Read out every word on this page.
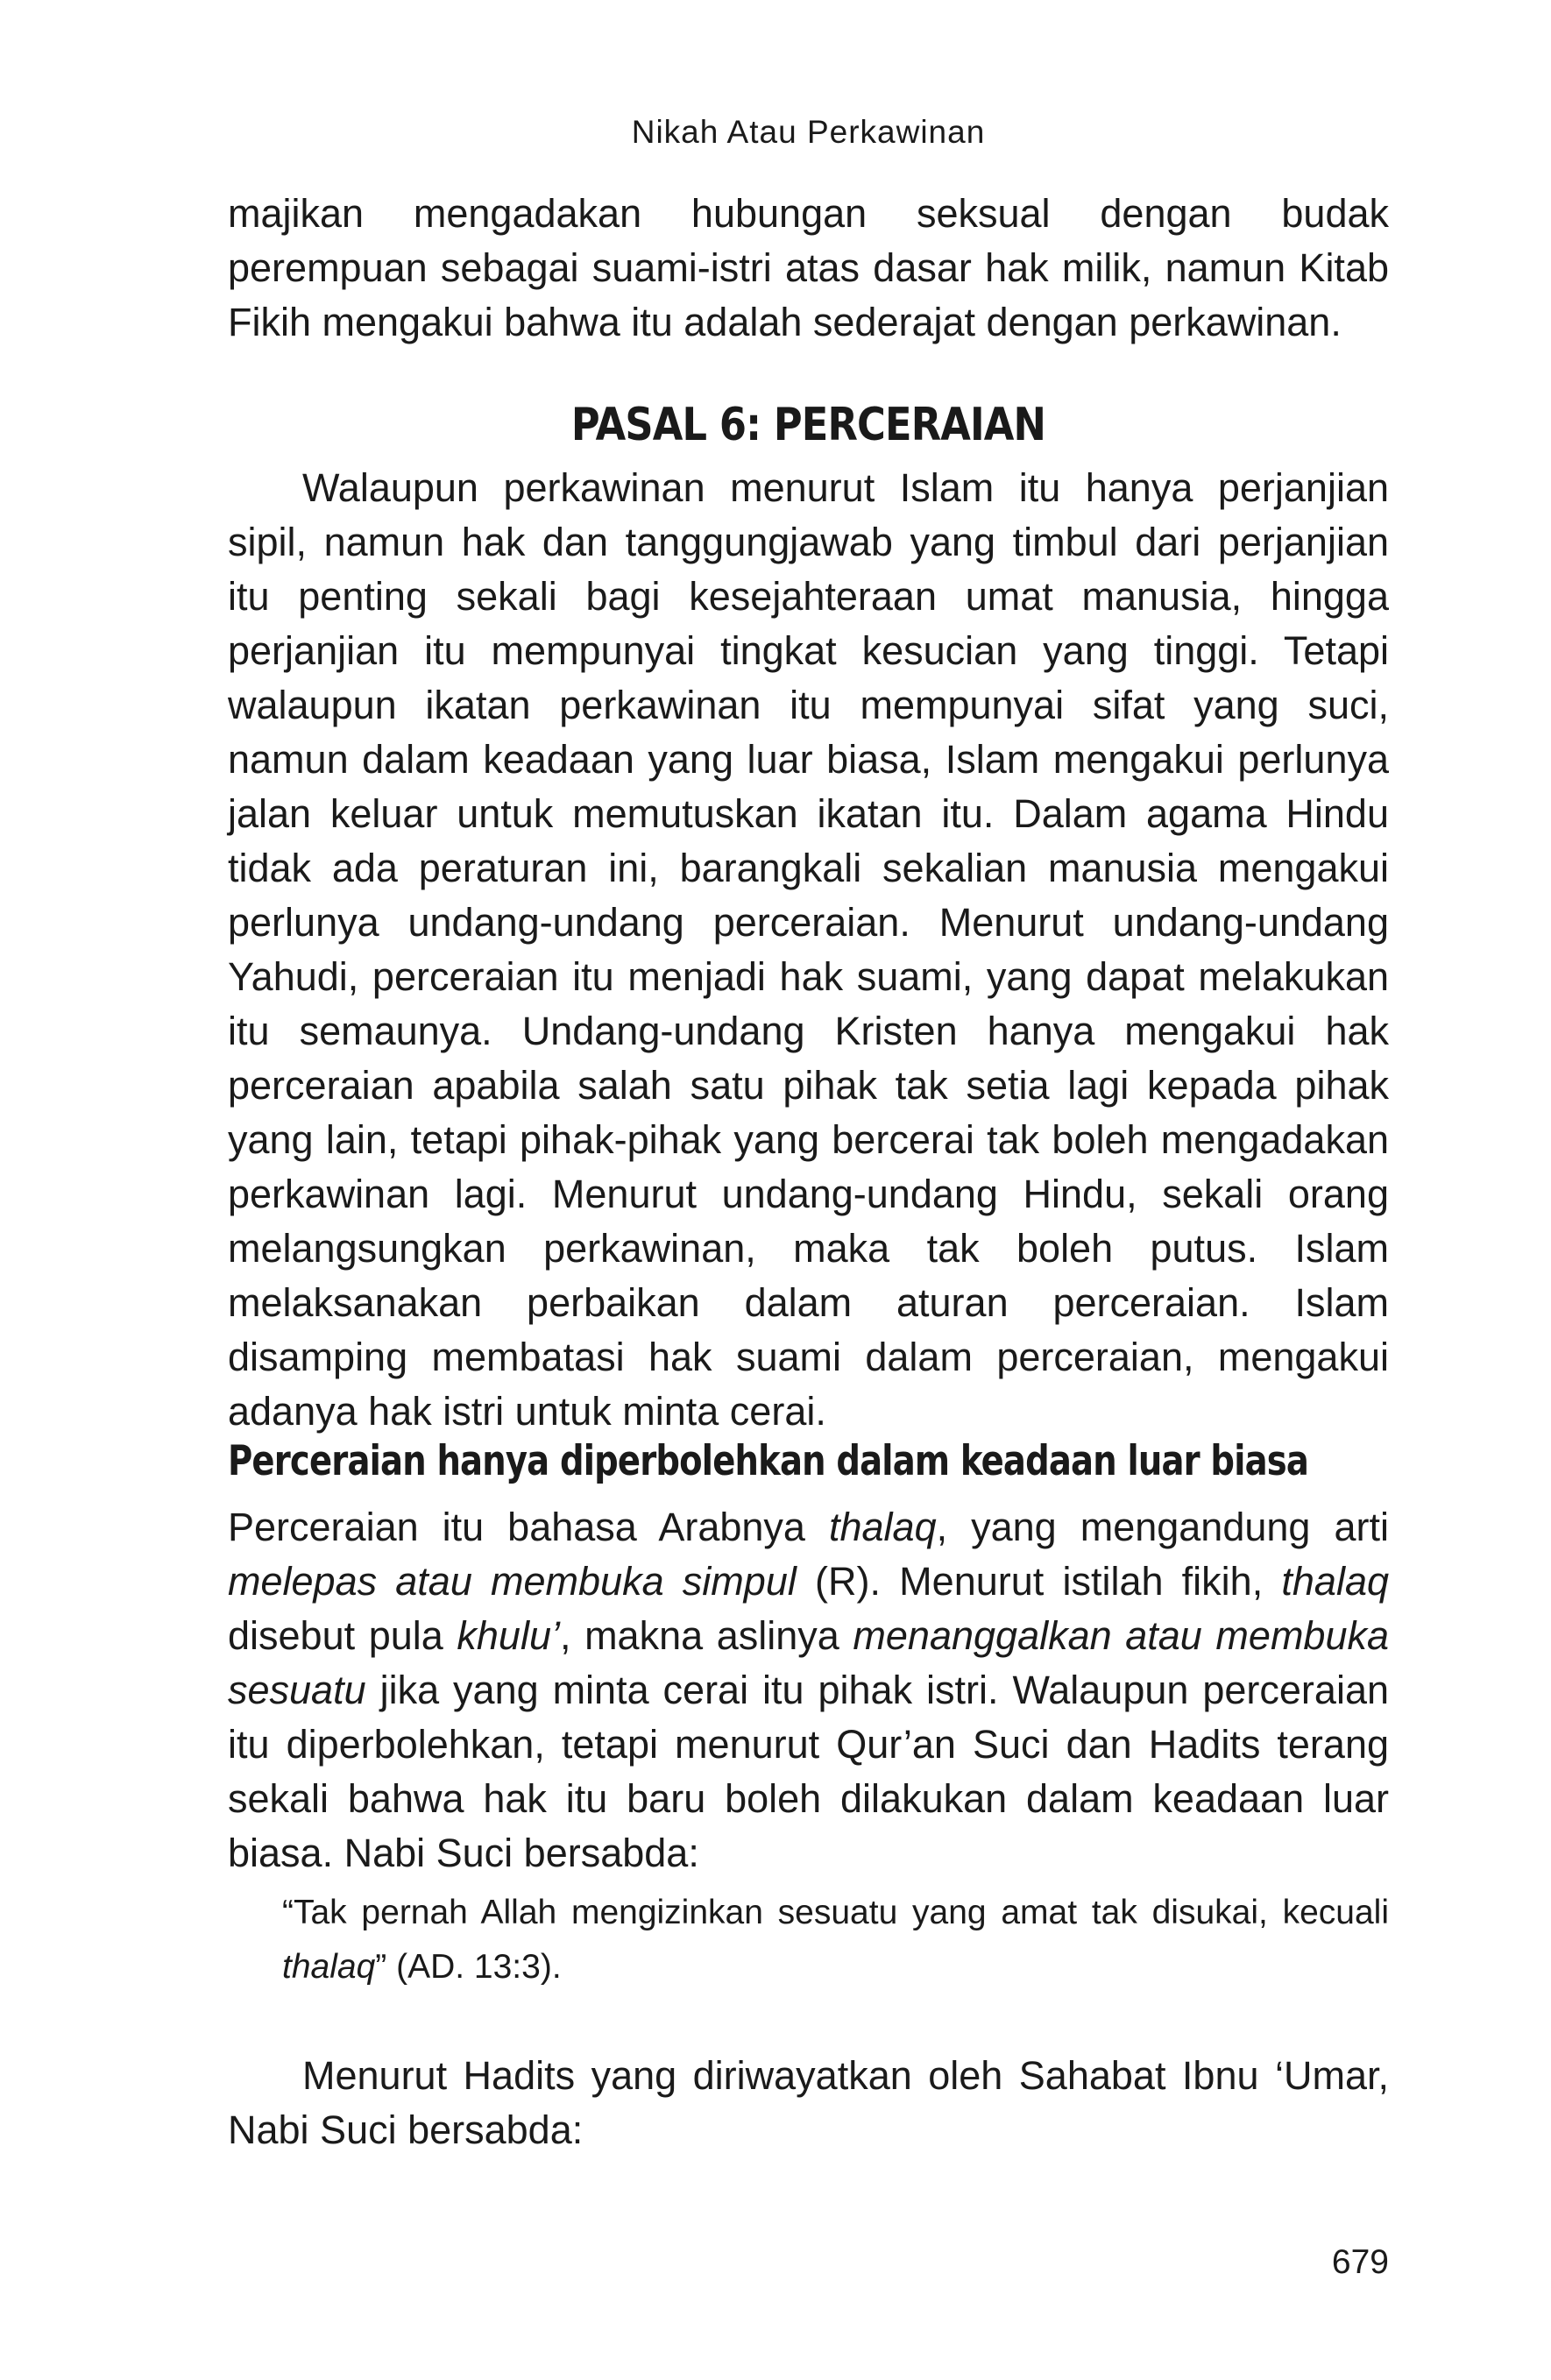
Nikah Atau Perkawinan

majikan mengadakan hubungan seksual dengan budak perempuan sebagai suami-istri atas dasar hak milik, namun Kitab Fikih mengakui bahwa itu adalah sederajat dengan perkawinan.

PASAL 6: PERCERAIAN

Walaupun perkawinan menurut Islam itu hanya perjanjian sipil, namun hak dan tanggungjawab yang timbul dari perjanjian itu penting sekali bagi kesejahteraan umat manusia, hingga perjanjian itu mempunyai tingkat kesucian yang tinggi. Tetapi walaupun ikatan perkawinan itu mempunyai sifat yang suci, namun dalam keadaan yang luar biasa, Islam mengakui perlunya jalan keluar untuk memutuskan ikatan itu. Dalam agama Hindu tidak ada peraturan ini, barangkali sekalian manusia mengakui perlunya undang-undang perceraian. Menurut undang-undang Yahudi, perceraian itu menjadi hak suami, yang dapat melakukan itu semaunya. Undang-undang Kristen hanya mengakui hak perceraian apabila salah satu pihak tak setia lagi kepada pihak yang lain, tetapi pihak-pihak yang bercerai tak boleh mengadakan perkawinan lagi. Menurut undang-undang Hindu, sekali orang melangsungkan perkawinan, maka tak boleh putus. Islam melaksanakan perbaikan dalam aturan perceraian. Islam disamping membatasi hak suami dalam perceraian, mengakui adanya hak istri untuk minta cerai.

Perceraian hanya diperbolehkan dalam keadaan luar biasa

Perceraian itu bahasa Arabnya thalaq, yang mengandung arti melepas atau membuka simpul (R). Menurut istilah fikih, thalaq disebut pula khulu’, makna aslinya menanggalkan atau membuka sesuatu jika yang minta cerai itu pihak istri. Walaupun perceraian itu diperbolehkan, tetapi menurut Qur’an Suci dan Hadits terang sekali bahwa hak itu baru boleh dilakukan dalam keadaan luar biasa. Nabi Suci bersabda:

“Tak pernah Allah mengizinkan sesuatu yang amat tak disukai, kecuali thalaq” (AD. 13:3).

Menurut Hadits yang diriwayatkan oleh Sahabat Ibnu ‘Umar, Nabi Suci bersabda:

679
